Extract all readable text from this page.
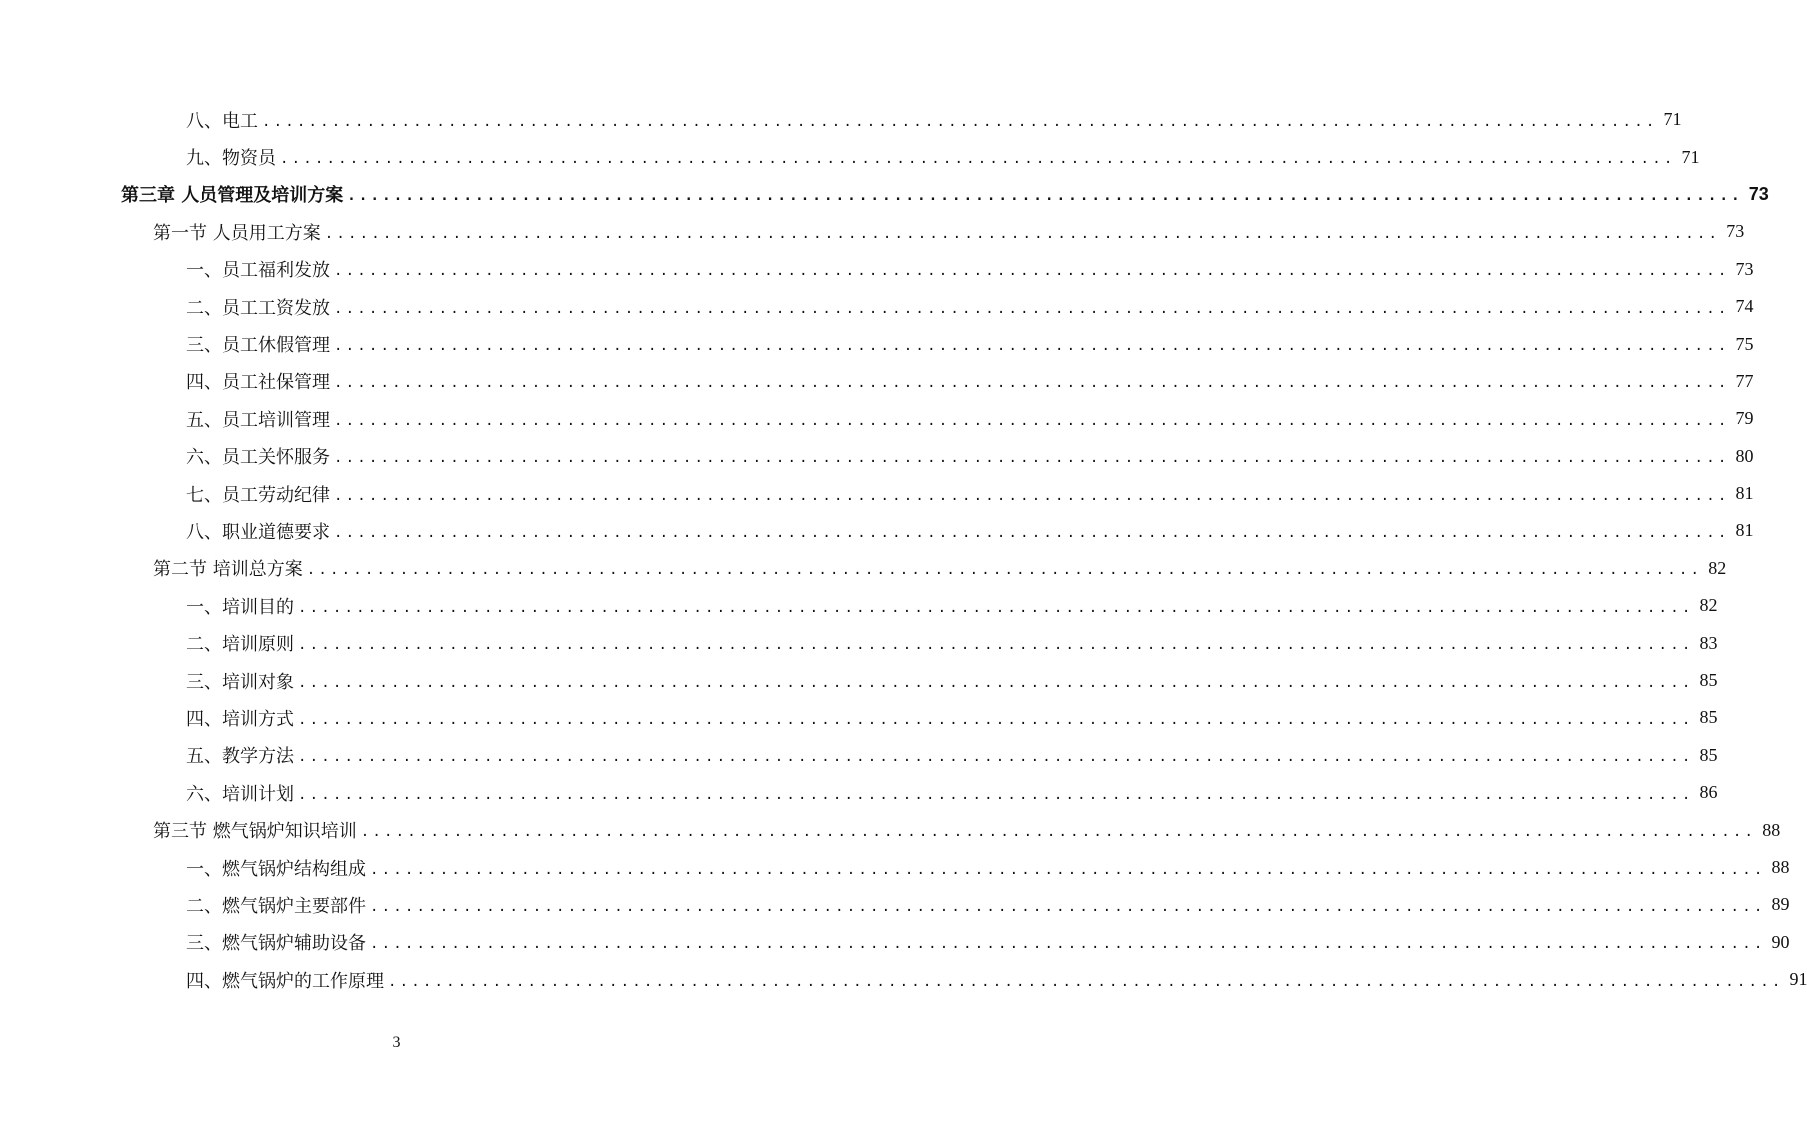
八、电工 ........................................................................................................................ 71
九、物资员 ........................................................................................................................ 71
第三章 人员管理及培训方案 ........................................................................................................................ 73
第一节 人员用工方案 ........................................................................................................................ 73
一、员工福利发放 ........................................................................................................................ 73
二、员工工资发放 ........................................................................................................................ 74
三、员工休假管理 ........................................................................................................................ 75
四、员工社保管理 ........................................................................................................................ 77
五、员工培训管理 ........................................................................................................................ 79
六、员工关怀服务 ........................................................................................................................ 80
七、员工劳动纪律 ........................................................................................................................ 81
八、职业道德要求 ........................................................................................................................ 81
第二节 培训总方案 ........................................................................................................................ 82
一、培训目的 ........................................................................................................................ 82
二、培训原则 ........................................................................................................................ 83
三、培训对象 ........................................................................................................................ 85
四、培训方式 ........................................................................................................................ 85
五、教学方法 ........................................................................................................................ 85
六、培训计划 ........................................................................................................................ 86
第三节 燃气锅炉知识培训 ........................................................................................................................ 88
一、燃气锅炉结构组成 ........................................................................................................................ 88
二、燃气锅炉主要部件 ........................................................................................................................ 89
三、燃气锅炉辅助设备 ........................................................................................................................ 90
四、燃气锅炉的工作原理 ........................................................................................................................ 91
3
